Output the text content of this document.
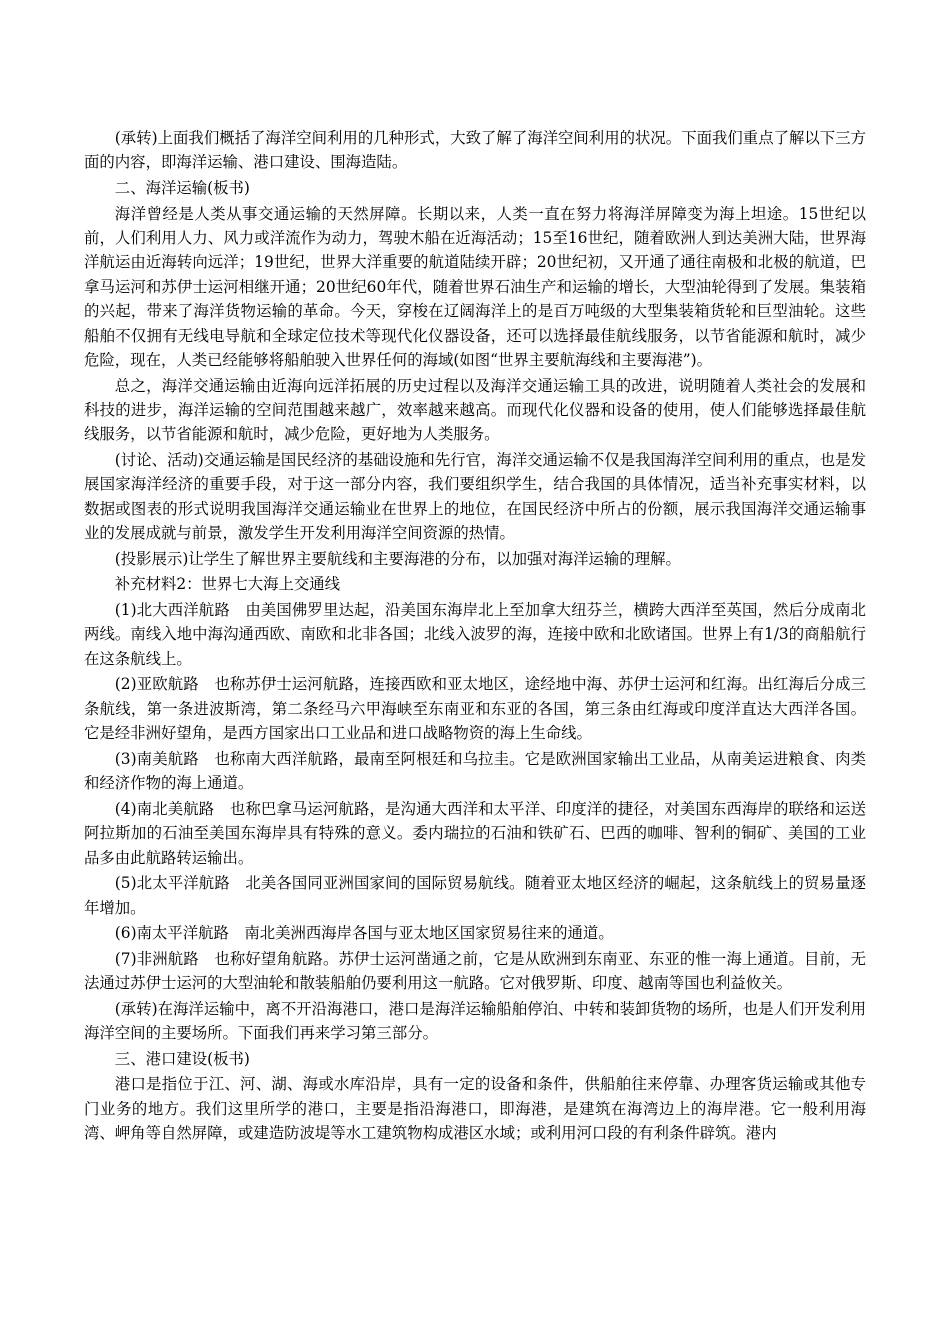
(承转)上面我们概括了海洋空间利用的几种形式，大致了解了海洋空间利用的状况。下面我们重点了解以下三方面的内容，即海洋运输、港口建设、围海造陆。

二、海洋运输(板书)

海洋曾经是人类从事交通运输的天然屏障。长期以来，人类一直在努力将海洋屏障变为海上坦途。15世纪以前，人们利用人力、风力或洋流作为动力，驾驶木船在近海活动；15至16世纪，随着欧洲人到达美洲大陆，世界海洋航运由近海转向远洋；19世纪，世界大洋重要的航道陆续开辟；20世纪初，又开通了通往南极和北极的航道，巴拿马运河和苏伊士运河相继开通；20世纪60年代，随着世界石油生产和运输的增长，大型油轮得到了发展。集装箱的兴起，带来了海洋货物运输的革命。今天，穿梭在辽阔海洋上的是百万吨级的大型集装箱货轮和巨型油轮。这些船舶不仅拥有无线电导航和全球定位技术等现代化仪器设备，还可以选择最佳航线服务，以节省能源和航时，减少危险，现在，人类已经能够将船舶驶入世界任何的海域(如图“世界主要航海线和主要海港”)。

总之，海洋交通运输由近海向远洋拓展的历史过程以及海洋交通运输工具的改进，说明随着人类社会的发展和科技的进步，海洋运输的空间范围越来越广，效率越来越高。而现代化仪器和设备的使用，使人们能够选择最佳航线服务，以节省能源和航时，减少危险，更好地为人类服务。

(讨论、活动)交通运输是国民经济的基础设施和先行官，海洋交通运输不仅是我国海洋空间利用的重点，也是发展国家海洋经济的重要手段，对于这一部分内容，我们要组织学生，结合我国的具体情况，适当补充事实材料，以数据或图表的形式说明我国海洋交通运输业在世界上的地位，在国民经济中所占的份额，展示我国海洋交通运输事业的发展成就与前景，激发学生开发利用海洋空间资源的热情。

(投影展示)让学生了解世界主要航线和主要海港的分布，以加强对海洋运输的理解。

补充材料2：世界七大海上交通线

(1)北大西洋航路　由美国佛罗里达起，沿美国东海岸北上至加拿大纽芬兰，横跨大西洋至英国，然后分成南北两线。南线入地中海沟通西欧、南欧和北非各国；北线入波罗的海，连接中欧和北欧诸国。世界上有1/3的商船航行在这条航线上。

(2)亚欧航路　也称苏伊士运河航路，连接西欧和亚太地区，途经地中海、苏伊士运河和红海。出红海后分成三条航线，第一条进波斯湾，第二条经马六甲海峡至东南亚和东亚的各国，第三条由红海或印度洋直达大西洋各国。它是经非洲好望角，是西方国家出口工业品和进口战略物资的海上生命线。

(3)南美航路　也称南大西洋航路，最南至阿根廷和乌拉圭。它是欧洲国家输出工业品，从南美运进粮食、肉类和经济作物的海上通道。

(4)南北美航路　也称巴拿马运河航路，是沟通大西洋和太平洋、印度洋的捷径，对美国东西海岸的联络和运送阿拉斯加的石油至美国东海岸具有特殊的意义。委内瑞拉的石油和铁矿石、巴西的咖啡、智利的铜矿、美国的工业品多由此航路转运输出。

(5)北太平洋航路　北美各国同亚洲国家间的国际贸易航线。随着亚太地区经济的崛起，这条航线上的贸易量逐年增加。

(6)南太平洋航路　南北美洲西海岸各国与亚太地区国家贸易往来的通道。

(7)非洲航路　也称好望角航路。苏伊士运河凿通之前，它是从欧洲到东南亚、东亚的惟一海上通道。目前，无法通过苏伊士运河的大型油轮和散装船舶仍要利用这一航路。它对俄罗斯、印度、越南等国也利益攸关。

(承转)在海洋运输中，离不开沿海港口，港口是海洋运输船舶停泊、中转和装卸货物的场所，也是人们开发利用海洋空间的主要场所。下面我们再来学习第三部分。

三、港口建设(板书)

港口是指位于江、河、湖、海或水库沿岸，具有一定的设备和条件，供船舶往来停靠、办理客货运输或其他专门业务的地方。我们这里所学的港口，主要是指沿海港口，即海港，是建筑在海湾边上的海岸港。它一般利用海湾、岬角等自然屏障，或建造防波堤等水工建筑物构成港区水域；或利用河口段的有利条件辟筑。港内
